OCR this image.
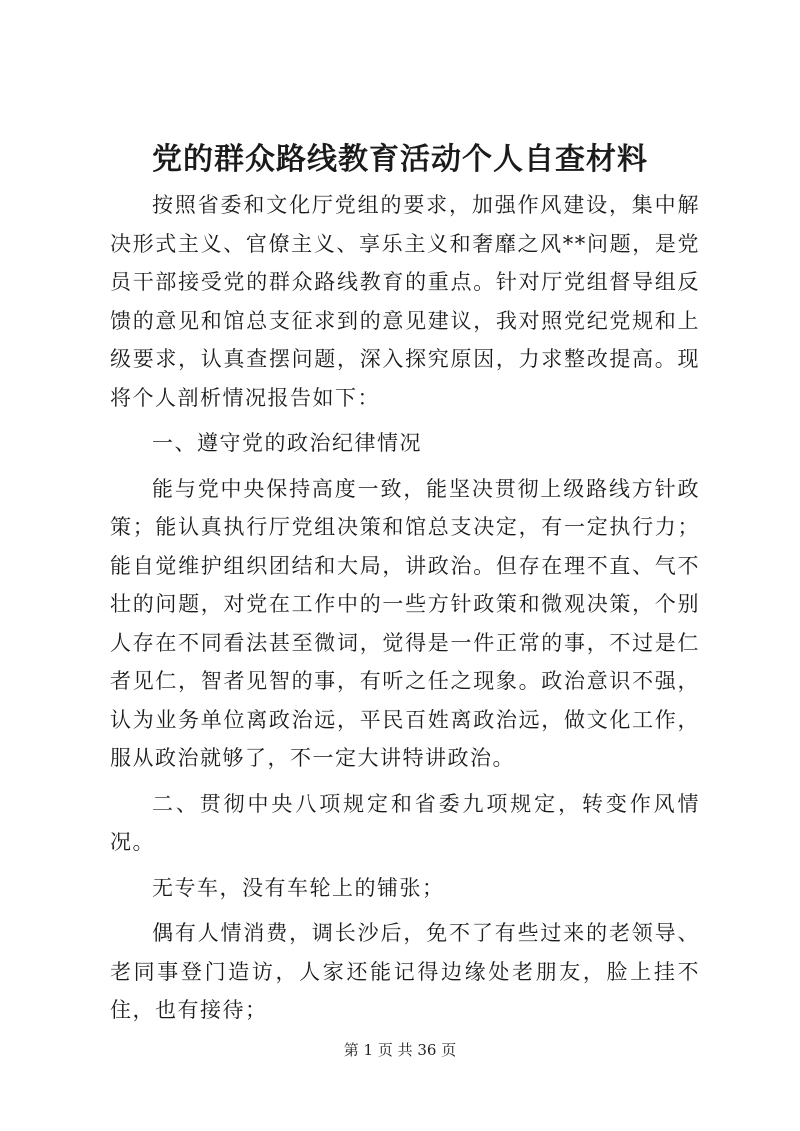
党的群众路线教育活动个人自查材料

按照省委和文化厅党组的要求，加强作风建设，集中解决形式主义、官僚主义、享乐主义和奢靡之风**问题，是党员干部接受党的群众路线教育的重点。针对厅党组督导组反馈的意见和馆总支征求到的意见建议，我对照党纪党规和上级要求，认真查摆问题，深入探究原因，力求整改提高。现将个人剖析情况报告如下：

一、遵守党的政治纪律情况

能与党中央保持高度一致，能坚决贯彻上级路线方针政策；能认真执行厅党组决策和馆总支决定，有一定执行力；能自觉维护组织团结和大局，讲政治。但存在理不直、气不壮的问题，对党在工作中的一些方针政策和微观决策，个别人存在不同看法甚至微词，觉得是一件正常的事，不过是仁者见仁，智者见智的事，有听之任之现象。政治意识不强，认为业务单位离政治远，平民百姓离政治远，做文化工作，服从政治就够了，不一定大讲特讲政治。

二、贯彻中央八项规定和省委九项规定，转变作风情况。

无专车，没有车轮上的铺张；

偶有人情消费，调长沙后，免不了有些过来的老领导、老同事登门造访，人家还能记得边缘处老朋友，脸上挂不住，也有接待；

第 1 页 共 36 页
